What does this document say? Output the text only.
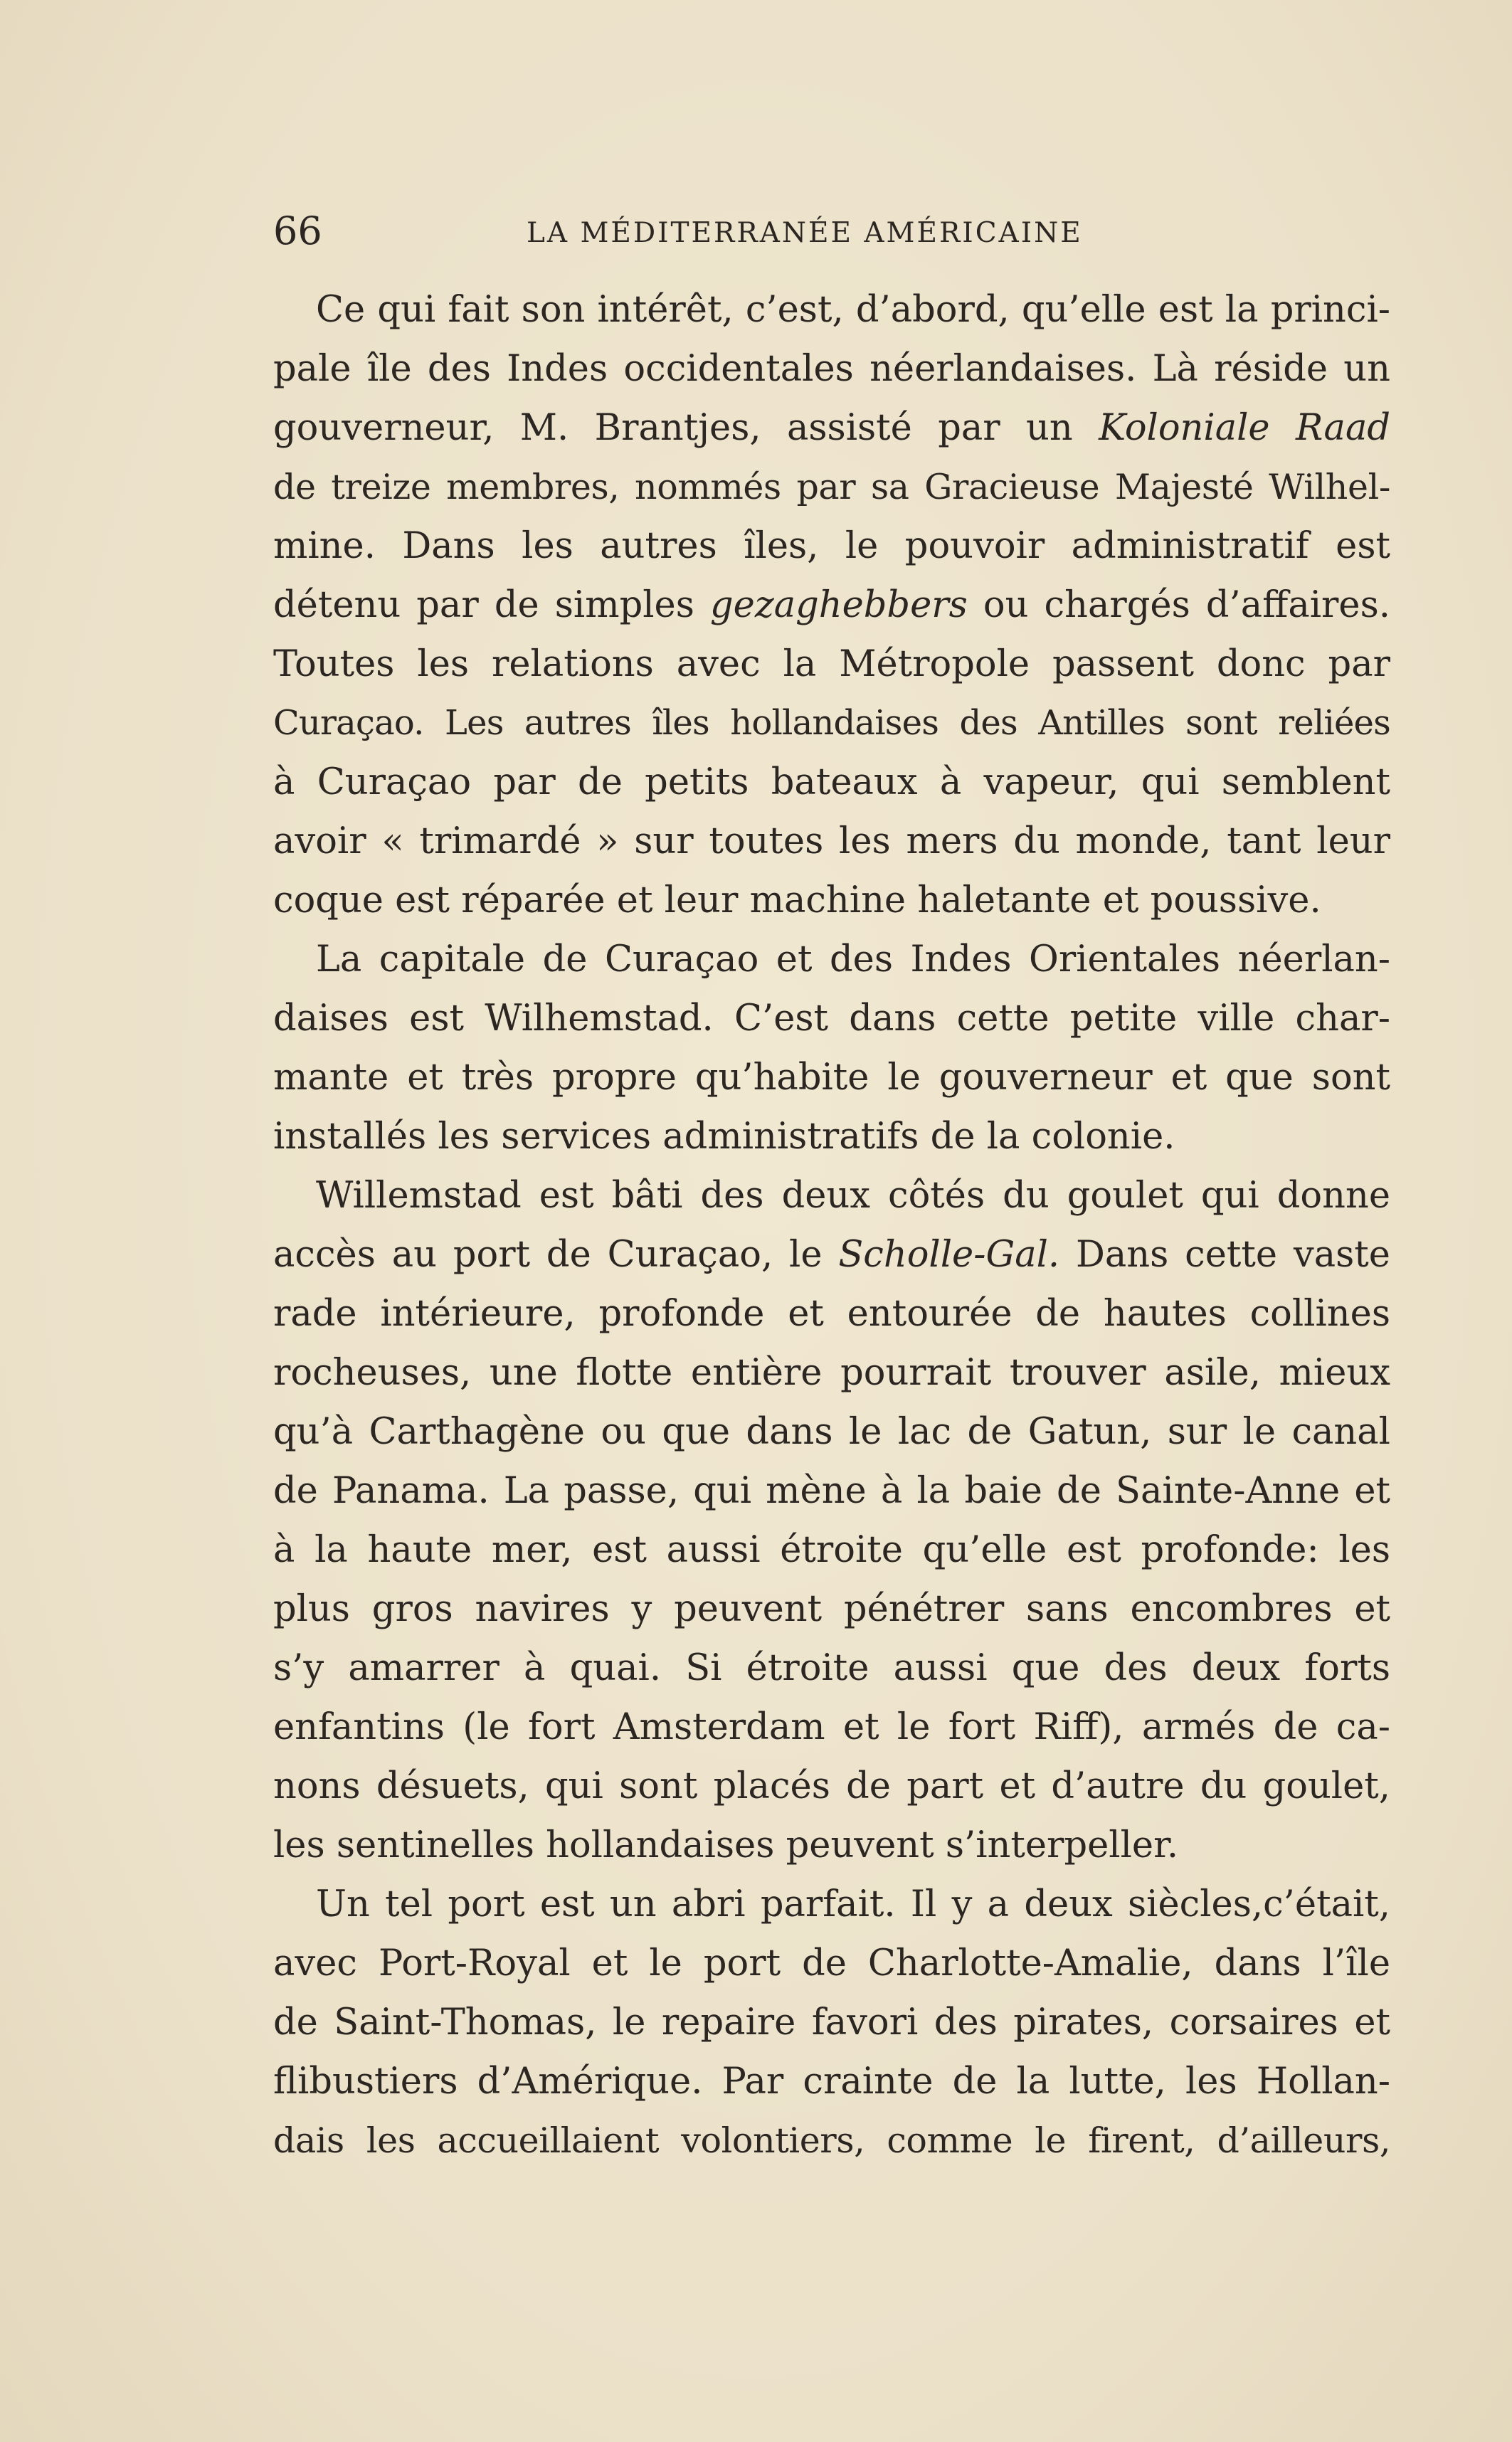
66	LA MÉDITERRANÉE AMÉRICAINE
Ce qui fait son intérêt, c’est, d’abord, qu’elle est la princi-
pale île des Indes occidentales néerlandaises. Là réside un
gouverneur, M. Brantjes, assisté par un Koloniale Raad
de treize membres, nommés par sa Gracieuse Majesté Wilhel-
mine. Dans les autres îles, le pouvoir administratif est
détenu par de simples gezaghebbers ou chargés d’affaires.
Toutes les relations avec la Métropole passent donc par
Curaçao. Les autres îles hollandaises des Antilles sont reliées
à Curaçao par de petits bateaux à vapeur, qui semblent
avoir « trimardé » sur toutes les mers du monde, tant leur
coque est réparée et leur machine haletante et poussive.
La capitale de Curaçao et des Indes Orientales néerlan-
daises est Wilhemstad. C’est dans cette petite ville char-
mante et très propre qu’habite le gouverneur et que sont
installés les services administratifs de la colonie.
Willemstad est bâti des deux côtés du goulet qui donne
accès au port de Curaçao, le Scholle-Gal. Dans cette vaste
rade intérieure, profonde et entourée de hautes collines
rocheuses, une flotte entière pourrait trouver asile, mieux
qu’à Carthagène ou que dans le lac de Gatun, sur le canal
de Panama. La passe, qui mène à la baie de Sainte-Anne et
à la haute mer, est aussi étroite qu’elle est profonde: les
plus gros navires y peuvent pénétrer sans encombres et
s’y amarrer à quai. Si étroite aussi que des deux forts
enfantins (le fort Amsterdam et le fort Riff), armés de ca-
nons désuets, qui sont placés de part et d’autre du goulet,
les sentinelles hollandaises peuvent s’interpeller.
Un tel port est un abri parfait. Il y a deux siècles,c’était,
avec Port-Royal et le port de Charlotte-Amalie, dans l’île
de Saint-Thomas, le repaire favori des pirates, corsaires et
flibustiers d’Amérique. Par crainte de la lutte, les Hollan-
dais les accueillaient volontiers, comme le firent, d’ailleurs,
